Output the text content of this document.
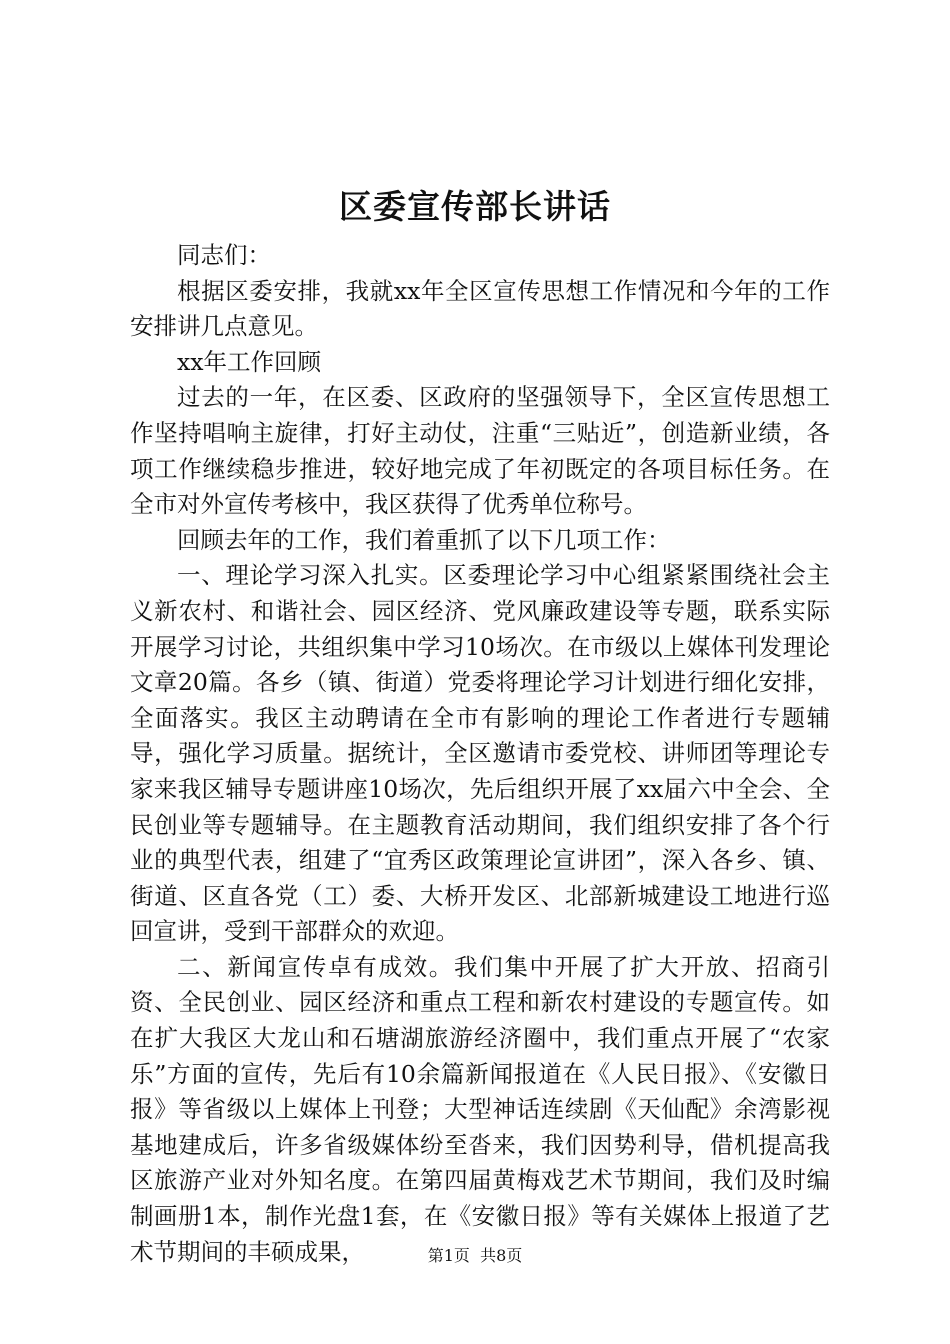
区委宣传部长讲话

同志们：

根据区委安排，我就xx年全区宣传思想工作情况和今年的工作安排讲几点意见。

xx年工作回顾

过去的一年，在区委、区政府的坚强领导下，全区宣传思想工作坚持唱响主旋律，打好主动仗，注重“三贴近”，创造新业绩，各项工作继续稳步推进，较好地完成了年初既定的各项目标任务。在全市对外宣传考核中，我区获得了优秀单位称号。

回顾去年的工作，我们着重抓了以下几项工作：

一、理论学习深入扎实。区委理论学习中心组紧紧围绕社会主义新农村、和谐社会、园区经济、党风廉政建设等专题，联系实际开展学习讨论，共组织集中学习10场次。在市级以上媒体刊发理论文章20篇。各乡（镇、街道）党委将理论学习计划进行细化安排，全面落实。我区主动聘请在全市有影响的理论工作者进行专题辅导，强化学习质量。据统计，全区邀请市委党校、讲师团等理论专家来我区辅导专题讲座10场次，先后组织开展了xx届六中全会、全民创业等专题辅导。在主题教育活动期间，我们组织安排了各个行业的典型代表，组建了“宜秀区政策理论宣讲团”，深入各乡、镇、街道、区直各党（工）委、大桥开发区、北部新城建设工地进行巡回宣讲，受到干部群众的欢迎。

二、新闻宣传卓有成效。我们集中开展了扩大开放、招商引资、全民创业、园区经济和重点工程和新农村建设的专题宣传。如在扩大我区大龙山和石塘湖旅游经济圈中，我们重点开展了“农家乐”方面的宣传，先后有10余篇新闻报道在《人民日报》、《安徽日报》等省级以上媒体上刊登；大型神话连续剧《天仙配》余湾影视基地建成后，许多省级媒体纷至沓来，我们因势利导，借机提高我区旅游产业对外知名度。在第四届黄梅戏艺术节期间，我们及时编制画册1本，制作光盘1套，在《安徽日报》等有关媒体上报道了艺术节期间的丰硕成果，	第1页 共8页
